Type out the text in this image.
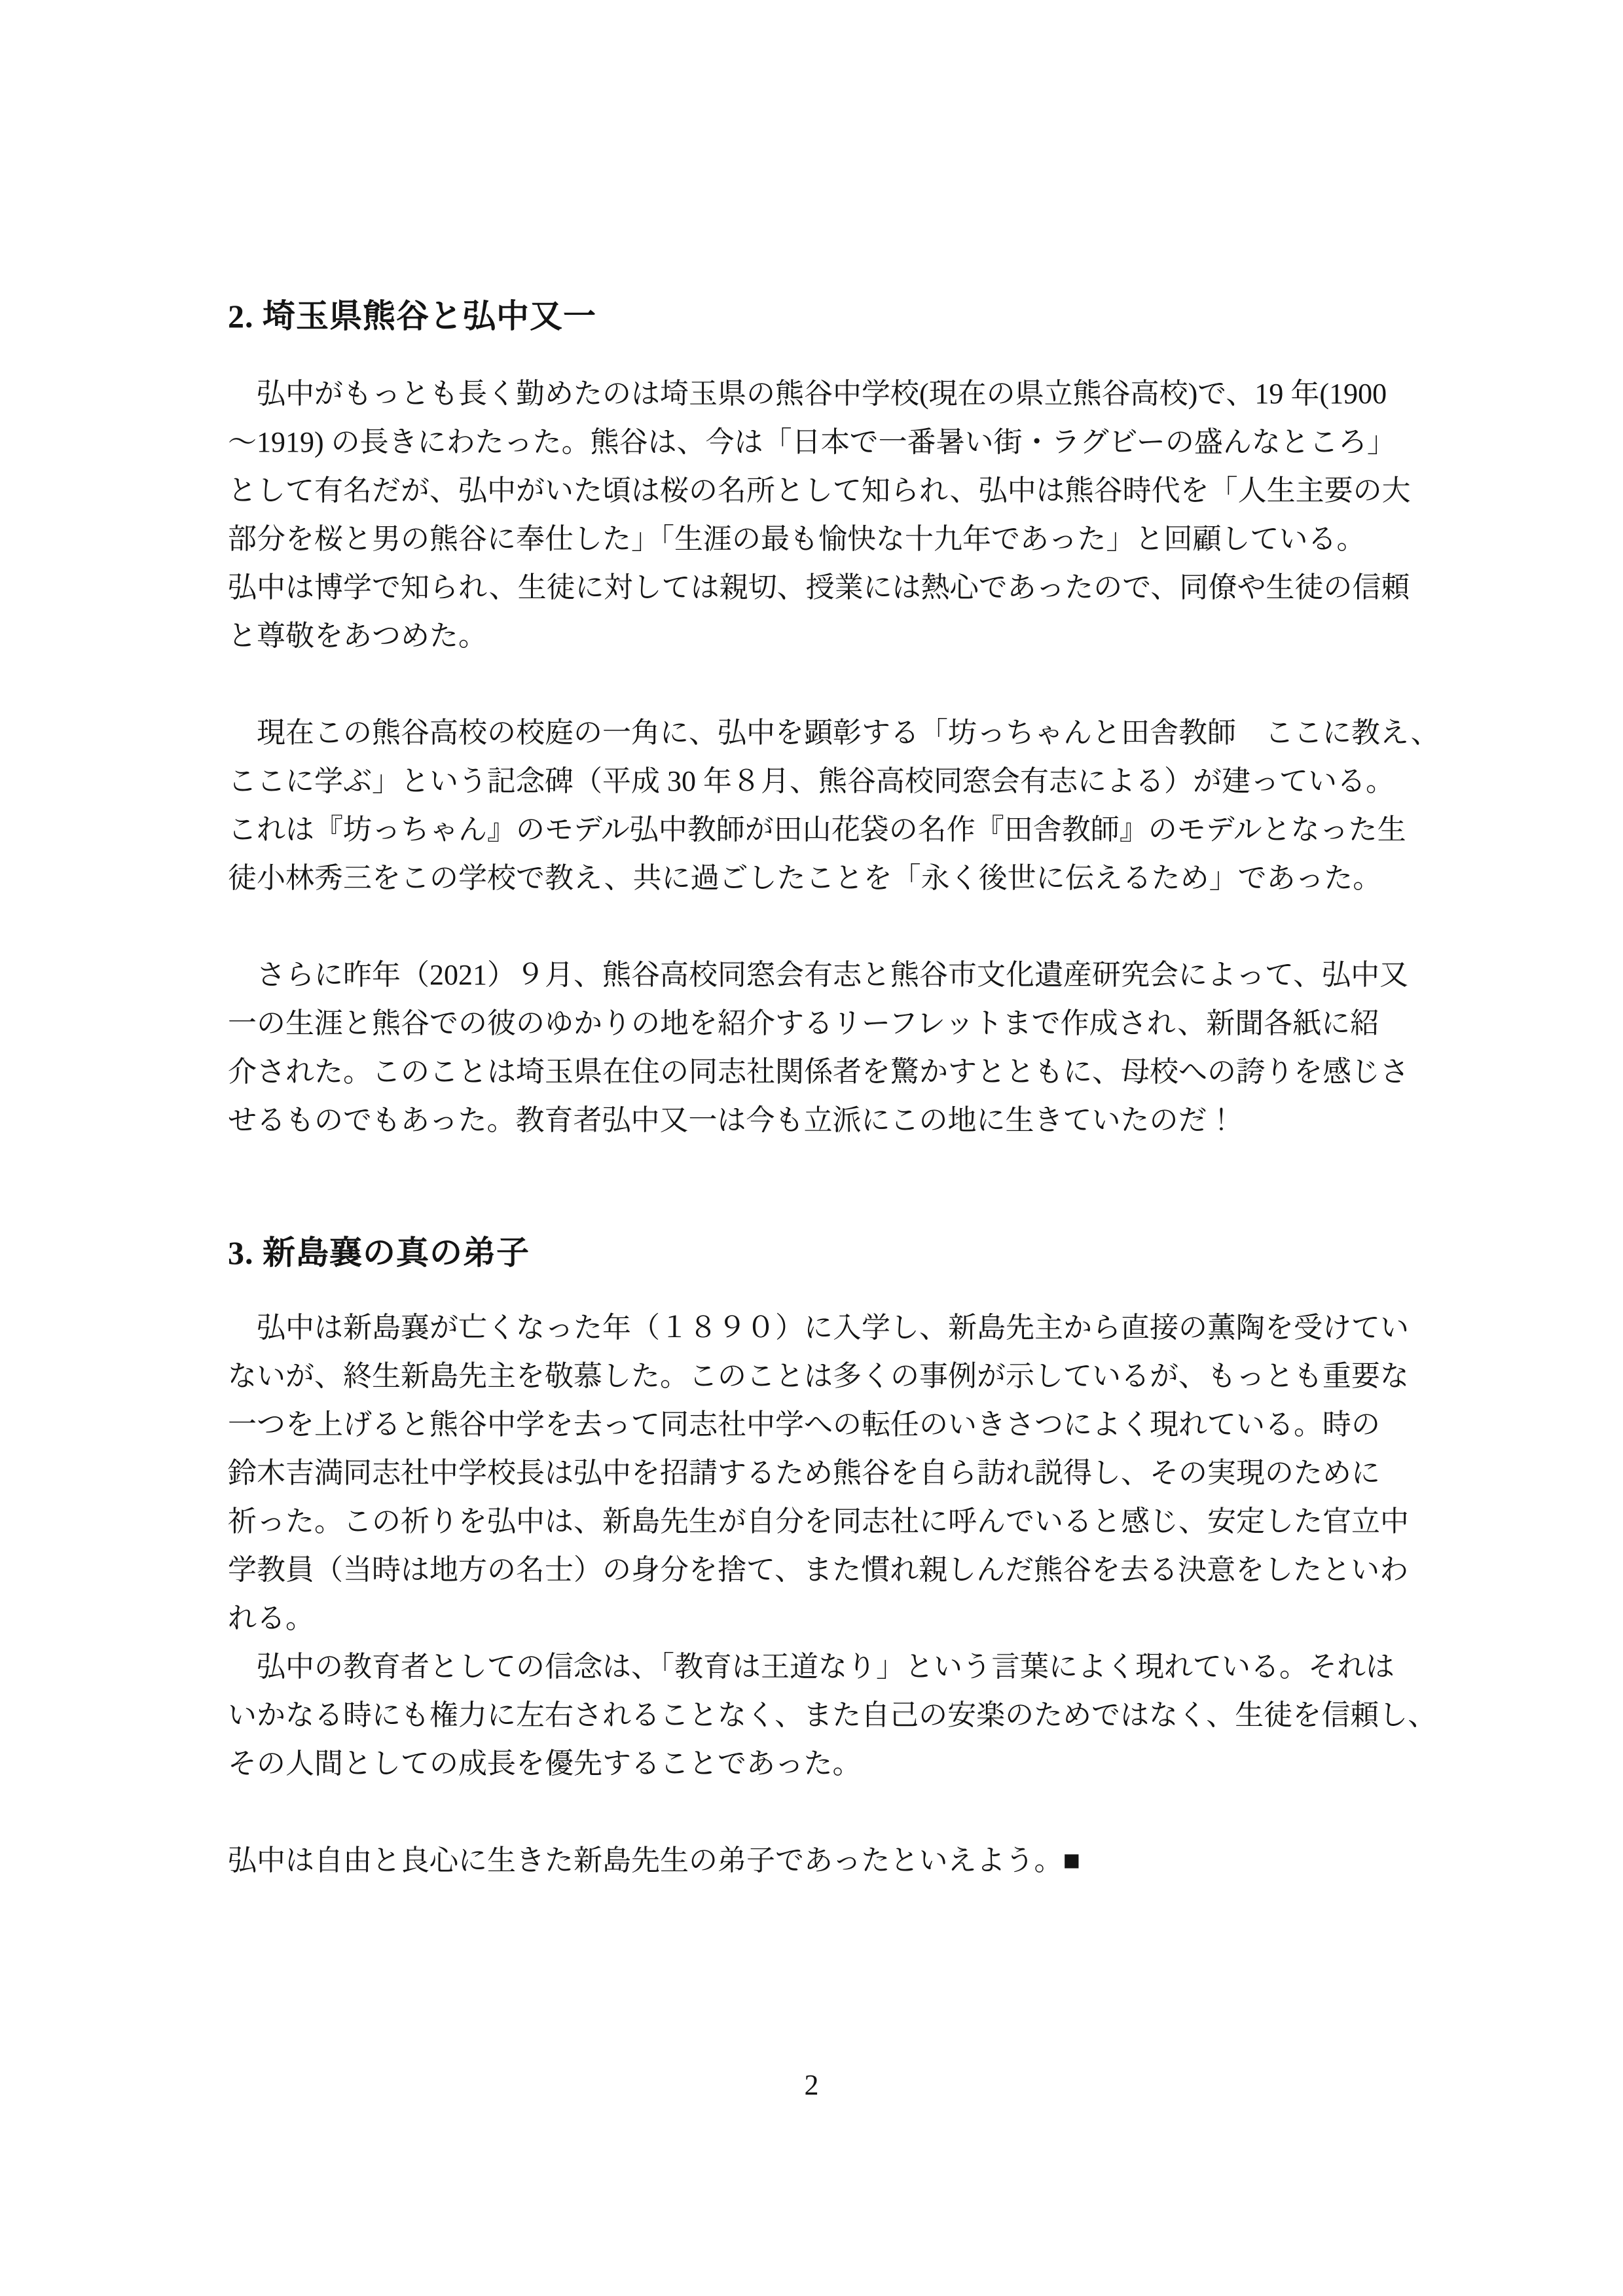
2. 埼玉県熊谷と弘中又一

弘中がもっとも長く勤めたのは埼玉県の熊谷中学校(現在の県立熊谷高校)で、19 年(1900
〜1919) の長きにわたった。熊谷は、今は「日本で一番暑い街・ラグビーの盛んなところ」
として有名だが、弘中がいた頃は桜の名所として知られ、弘中は熊谷時代を「人生主要の大
部分を桜と男の熊谷に奉仕した」「生涯の最も愉快な十九年であった」と回顧している。
弘中は博学で知られ、生徒に対しては親切、授業には熱心であったので、同僚や生徒の信頼
と尊敬をあつめた。

現在この熊谷高校の校庭の一角に、弘中を顕彰する「坊っちゃんと田舎教師　ここに教え、
ここに学ぶ」という記念碑（平成 30 年８月、熊谷高校同窓会有志による）が建っている。
これは『坊っちゃん』のモデル弘中教師が田山花袋の名作『田舎教師』のモデルとなった生
徒小林秀三をこの学校で教え、共に過ごしたことを「永く後世に伝えるため」であった。

さらに昨年（2021）９月、熊谷高校同窓会有志と熊谷市文化遺産研究会によって、弘中又
一の生涯と熊谷での彼のゆかりの地を紹介するリーフレットまで作成され、新聞各紙に紹
介された。このことは埼玉県在住の同志社関係者を驚かすとともに、母校への誇りを感じさ
せるものでもあった。教育者弘中又一は今も立派にこの地に生きていたのだ！

3. 新島襄の真の弟子

弘中は新島襄が亡くなった年（１８９０）に入学し、新島先主から直接の薫陶を受けてい
ないが、終生新島先主を敬慕した。このことは多くの事例が示しているが、もっとも重要な
一つを上げると熊谷中学を去って同志社中学への転任のいきさつによく現れている。時の
鈴木吉満同志社中学校長は弘中を招請するため熊谷を自ら訪れ説得し、その実現のために
祈った。この祈りを弘中は、新島先生が自分を同志社に呼んでいると感じ、安定した官立中
学教員（当時は地方の名士）の身分を捨て、また慣れ親しんだ熊谷を去る決意をしたといわ
れる。

弘中の教育者としての信念は、「教育は王道なり」という言葉によく現れている。それは
いかなる時にも権力に左右されることなく、また自己の安楽のためではなく、生徒を信頼し、
その人間としての成長を優先することであった。

弘中は自由と良心に生きた新島先生の弟子であったといえよう。■

2
